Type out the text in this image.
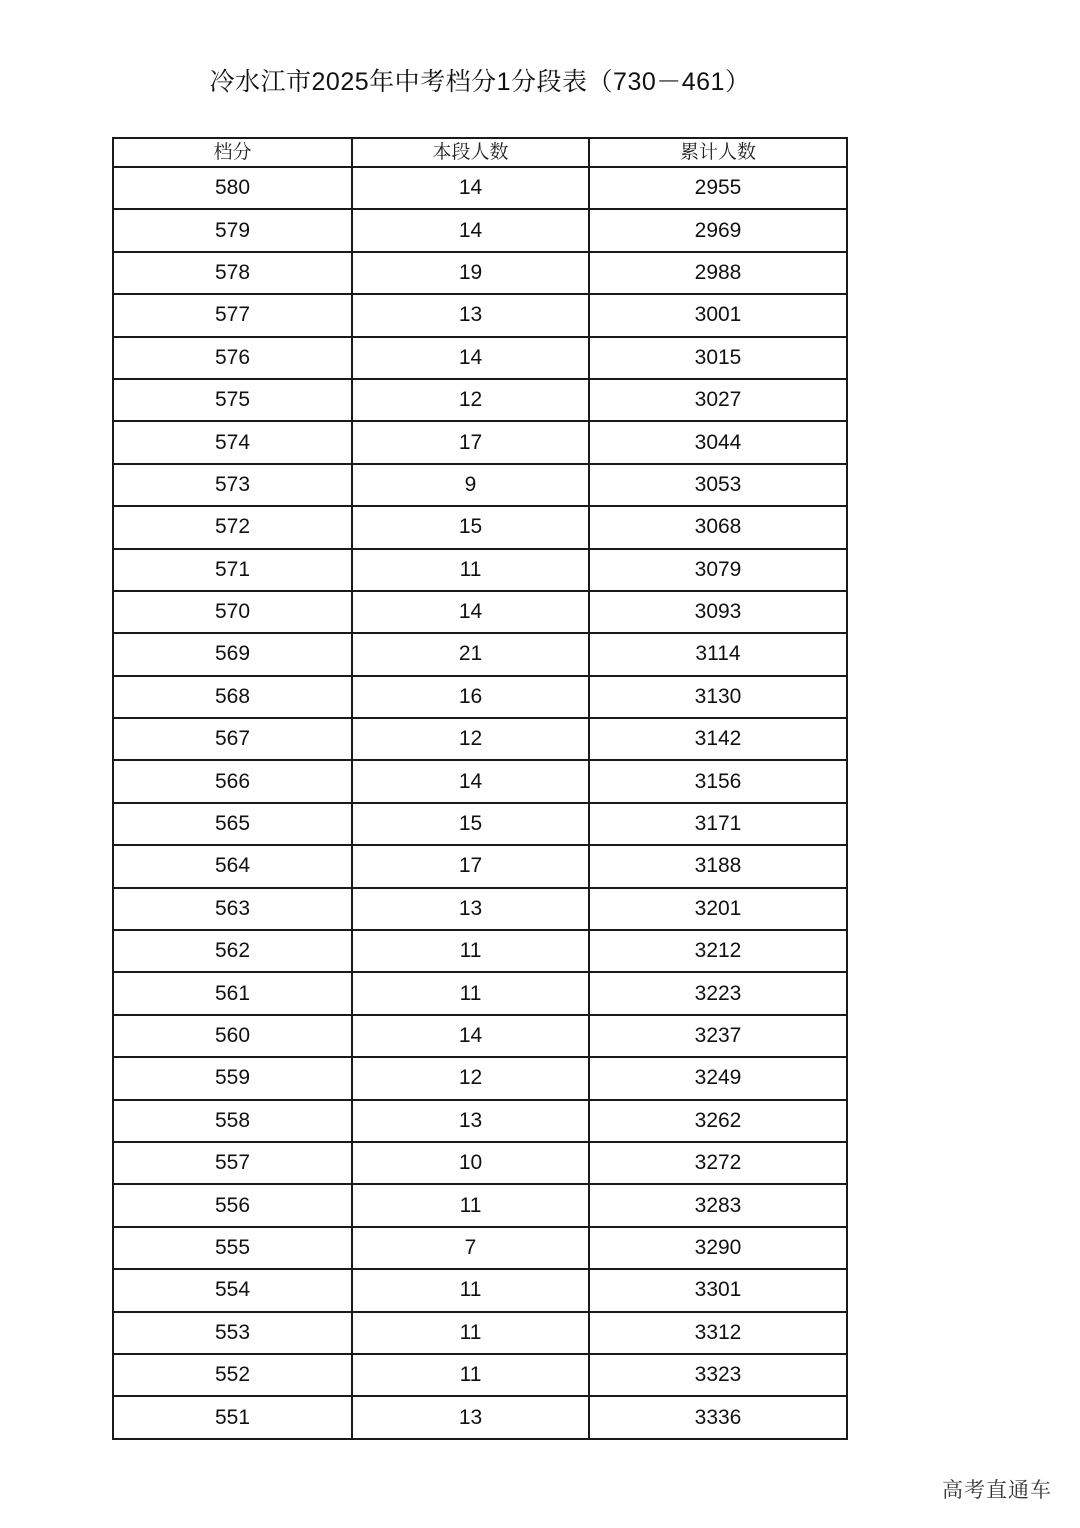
冷水江市2025年中考档分1分段表（730－461）
档分	本段人数	累计人数
580	14	2955
579	14	2969
578	19	2988
577	13	3001
576	14	3015
575	12	3027
574	17	3044
573	9	3053
572	15	3068
571	11	3079
570	14	3093
569	21	3114
568	16	3130
567	12	3142
566	14	3156
565	15	3171
564	17	3188
563	13	3201
562	11	3212
561	11	3223
560	14	3237
559	12	3249
558	13	3262
557	10	3272
556	11	3283
555	7	3290
554	11	3301
553	11	3312
552	11	3323
551	13	3336
高考直通车
